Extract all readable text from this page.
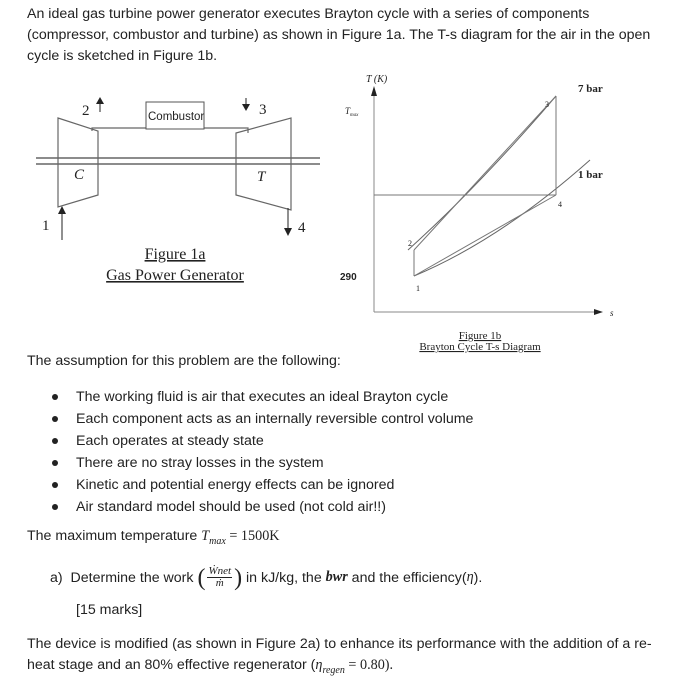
An ideal gas turbine power generator executes Brayton cycle with a series of components (compressor, combustor and turbine) as shown in Figure 1a. The T-s diagram for the air in the open cycle is sketched in Figure 1b.
2	3
1	4
Combustor
C	T
Figure 1a
Gas Power Generator
T (K)
$T_{max}$
290
7 bar
1 bar
s
1
2
3
4
Figure 1b
Brayton Cycle T-s Diagram
The assumption for this problem are the following:
The working fluid is air that executes an ideal Brayton cycle
Each component acts as an internally reversible control volume
Each operates at steady state
There are no stray losses in the system
Kinetic and potential energy effects can be ignored
Air standard model should be used (not cold air!!)
The maximum temperature $T_{max} = 1500K$
a)  Determine the work ( $\frac{\text{Ẇnet}}{\text{ṁ}}$ ) in kJ/kg, the bwr and the efficiency( η ).
[15 marks]
The device is modified (as shown in Figure 2a) to enhance its performance with the addition of a re-heat stage and an 80% effective regenerator $(\eta_{regen} = 0.80)$.
